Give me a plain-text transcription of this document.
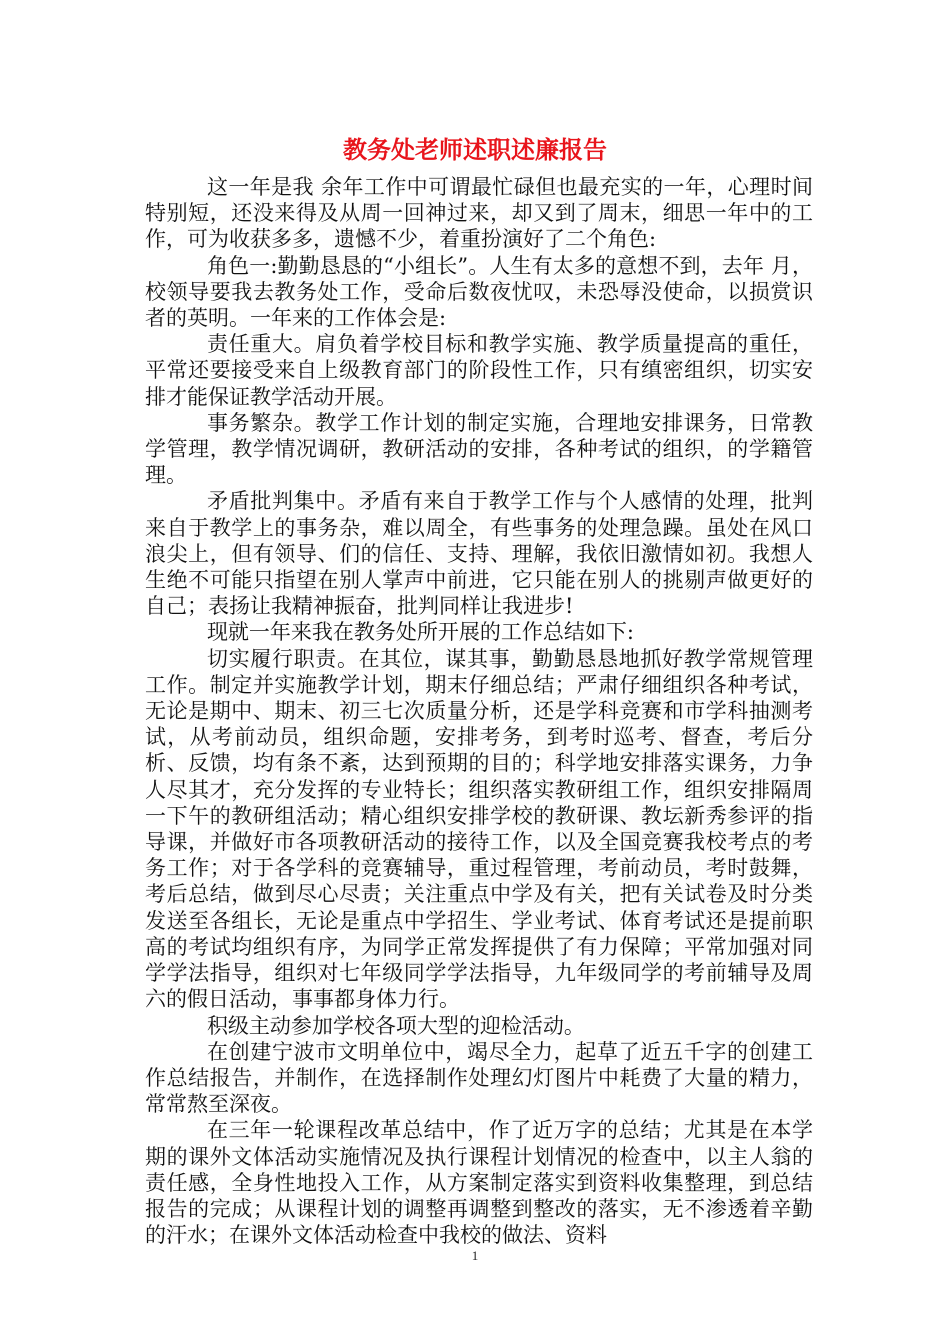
教务处老师述职述廉报告

这一年是我 余年工作中可谓最忙碌但也最充实的一年，心理时间特别短，还没来得及从周一回神过来，却又到了周末，细思一年中的工作，可为收获多多，遗憾不少，着重扮演好了二个角色:

角色一:勤勤恳恳的“小组长”。人生有太多的意想不到，去年 月，校领导要我去教务处工作，受命后数夜忧叹，未恐辱没使命，以损赏识者的英明。一年来的工作体会是:

责任重大。肩负着学校目标和教学实施、教学质量提高的重任，平常还要接受来自上级教育部门的阶段性工作，只有缜密组织，切实安排才能保证教学活动开展。

事务繁杂。教学工作计划的制定实施，合理地安排课务，日常教学管理，教学情况调研，教研活动的安排，各种考试的组织，的学籍管理。

矛盾批判集中。矛盾有来自于教学工作与个人感情的处理，批判来自于教学上的事务杂，难以周全，有些事务的处理急躁。虽处在风口浪尖上，但有领导、们的信任、支持、理解，我依旧激情如初。我想人生绝不可能只指望在别人掌声中前进，它只能在别人的挑剔声做更好的自己；表扬让我精神振奋，批判同样让我进步!

现就一年来我在教务处所开展的工作总结如下:

切实履行职责。在其位，谋其事，勤勤恳恳地抓好教学常规管理工作。制定并实施教学计划，期末仔细总结；严肃仔细组织各种考试，无论是期中、期末、初三七次质量分析，还是学科竞赛和市学科抽测考试，从考前动员，组织命题，安排考务，到考时巡考、督查，考后分析、反馈，均有条不紊，达到预期的目的；科学地安排落实课务，力争人尽其才，充分发挥的专业特长；组织落实教研组工作，组织安排隔周一下午的教研组活动；精心组织安排学校的教研课、教坛新秀参评的指导课，并做好市各项教研活动的接待工作，以及全国竞赛我校考点的考务工作；对于各学科的竞赛辅导，重过程管理，考前动员，考时鼓舞，考后总结，做到尽心尽责；关注重点中学及有关，把有关试卷及时分类发送至各组长，无论是重点中学招生、学业考试、体育考试还是提前职高的考试均组织有序，为同学正常发挥提供了有力保障；平常加强对同学学法指导，组织对七年级同学学法指导，九年级同学的考前辅导及周六的假日活动，事事都身体力行。

积级主动参加学校各项大型的迎检活动。

在创建宁波市文明单位中，竭尽全力，起草了近五千字的创建工作总结报告，并制作，在选择制作处理幻灯图片中耗费了大量的精力，常常熬至深夜。

在三年一轮课程改革总结中，作了近万字的总结；尤其是在本学期的课外文体活动实施情况及执行课程计划情况的检查中，以主人翁的责任感，全身性地投入工作，从方案制定落实到资料收集整理，到总结报告的完成；从课程计划的调整再调整到整改的落实，无不渗透着辛勤的汗水；在课外文体活动检查中我校的做法、资料

1
